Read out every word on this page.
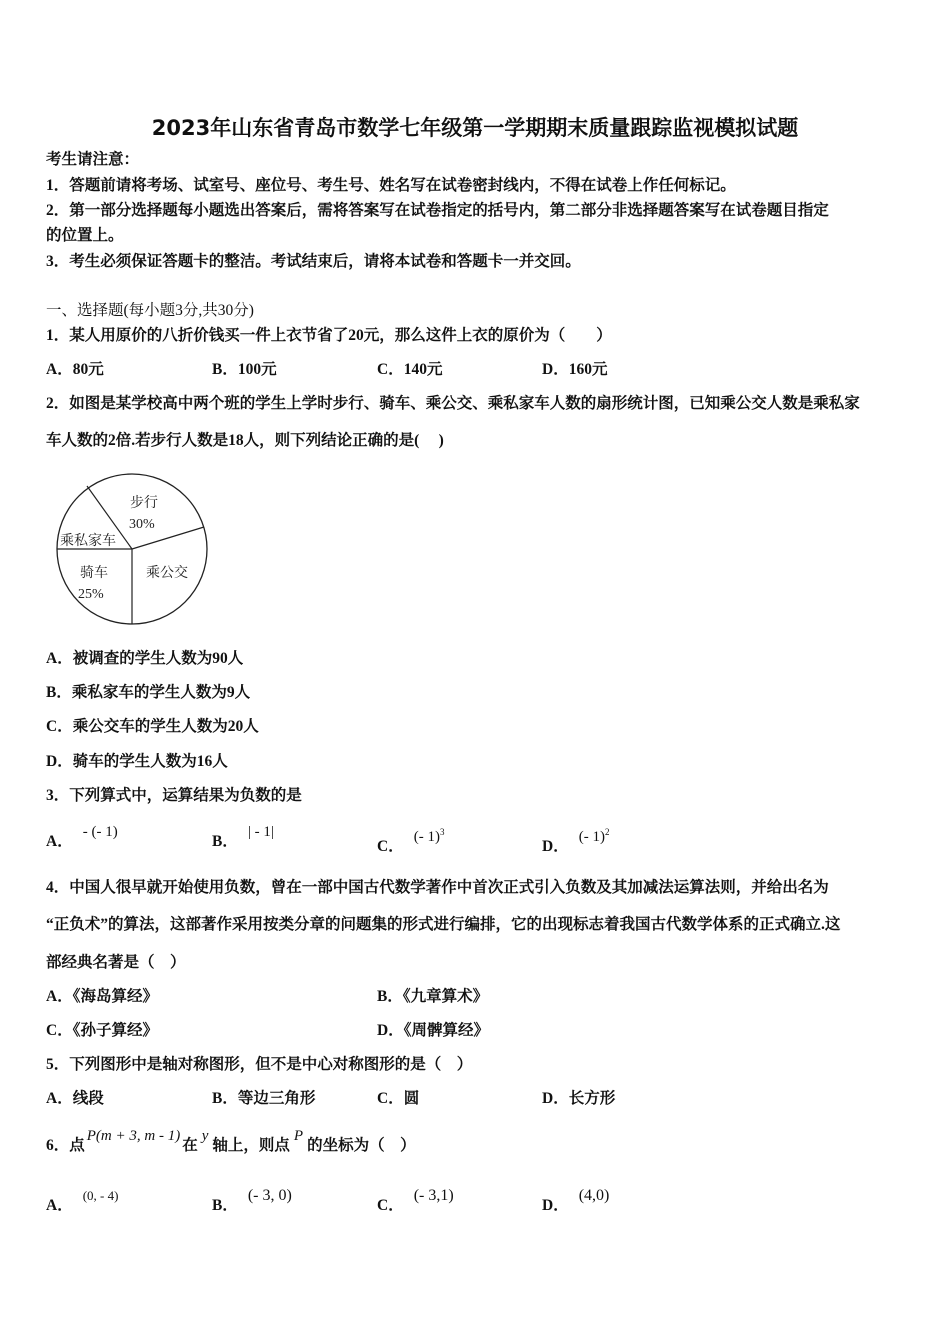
2023年山东省青岛市数学七年级第一学期期末质量跟踪监视模拟试题
考生请注意：
1．答题前请将考场、试室号、座位号、考生号、姓名写在试卷密封线内，不得在试卷上作任何标记。
2．第一部分选择题每小题选出答案后，需将答案写在试卷指定的括号内，第二部分非选择题答案写在试卷题目指定
的位置上。
3．考生必须保证答题卡的整洁。考试结束后，请将本试卷和答题卡一并交回。
一、选择题(每小题3分,共30分)
1．某人用原价的八折价钱买一件上衣节省了20元，那么这件上衣的原价为（　　）
A．80元	B．100元	C．140元	D．160元
2．如图是某学校高中两个班的学生上学时步行、骑车、乘公交、乘私家车人数的扇形统计图，已知乘公交人数是乘私家
车人数的2倍.若步行人数是18人，则下列结论正确的是(　 )
步行
30%
乘私家车
骑车
25%
乘公交
A．被调查的学生人数为90人
B．乘私家车的学生人数为9人
C．乘公交车的学生人数为20人
D．骑车的学生人数为16人
3．下列算式中，运算结果为负数的是
A．- (- 1)
B．| - 1|
C．(- 1)$^3$
D．(- 1)$^2$
4．中国人很早就开始使用负数，曾在一部中国古代数学著作中首次正式引入负数及其加减法运算法则，并给出名为
“正负术”的算法，这部著作采用按类分章的问题集的形式进行编排，它的出现标志着我国古代数学体系的正式确立.这
部经典名著是（　）
A．《海岛算经》	B．《九章算术》
C．《孙子算经》	D．《周髀算经》
5．下列图形中是轴对称图形，但不是中心对称图形的是（　）
A．线段	B．等边三角形	C．圆	D．长方形
6．点P(m + 3, m - 1)在y轴上，则点P的坐标为（　）
A．$^{(0, - 4)}$
B．(- 3, 0)
C．(- 3,1)
D．(4,0)
